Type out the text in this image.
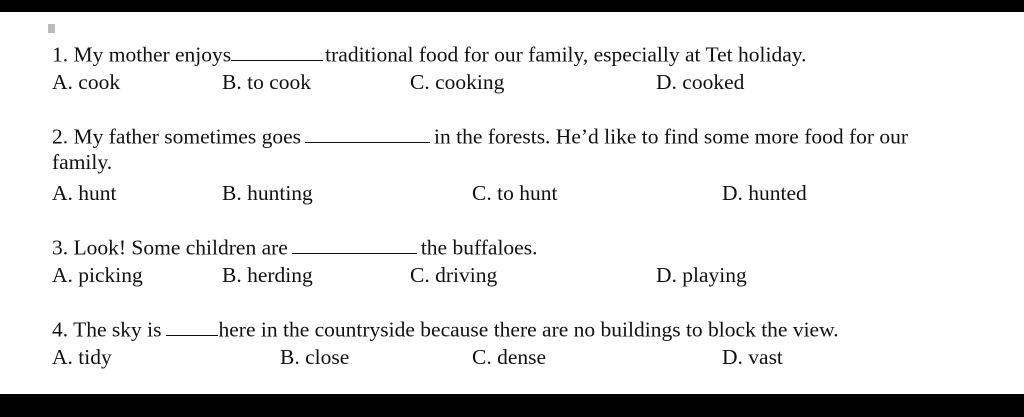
1. My mother enjoys	traditional food for our family, especially at Tet holiday.
A. cook	B. to cook	C. cooking	D. cooked
2. My father sometimes goes	in the forests. He’d like to find some more food for our
family.
A. hunt	B. hunting	C. to hunt	D. hunted
3. Look! Some children are	the buffaloes.
A. picking	B. herding	C. driving	D. playing
4. The sky is	here in the countryside because there are no buildings to block the view.
A. tidy	B. close	C. dense	D. vast
